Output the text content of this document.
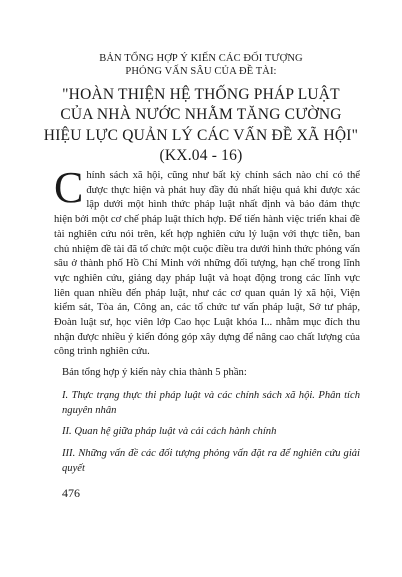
BẢN TỔNG HỢP Ý KIẾN CÁC ĐỐI TƯỢNG
PHỎNG VẤN SÂU CỦA ĐỀ TÀI:
"HOÀN THIỆN HỆ THỐNG PHÁP LUẬT
CỦA NHÀ NƯỚC NHẰM TĂNG CƯỜNG
HIỆU LỰC QUẢN LÝ CÁC VẤN ĐỀ XÃ HỘI"
(KX.04 - 16)
Chính sách xã hội, cũng như bất kỳ chính sách nào chỉ có thể được thực hiện và phát huy đầy đủ nhất hiệu quả khi được xác lập dưới một hình thức pháp luật nhất định và bảo đảm thực hiện bởi một cơ chế pháp luật thích hợp. Để tiến hành việc triển khai đề tài nghiên cứu nói trên, kết hợp nghiên cứu lý luận với thực tiễn, ban chủ nhiệm đề tài đã tổ chức một cuộc điều tra dưới hình thức phỏng vấn sâu ở thành phố Hồ Chí Minh với những đối tượng, hạn chế trong lĩnh vực nghiên cứu, giảng dạy pháp luật và hoạt động trong các lĩnh vực liên quan nhiều đến pháp luật, như các cơ quan quản lý xã hội, Viện kiểm sát, Tòa án, Công an, các tổ chức tư vấn pháp luật, Sở tư pháp, Đoàn luật sư, học viên lớp Cao học Luật khóa I... nhằm mục đích thu nhận được nhiều ý kiến đóng góp xây dựng để nâng cao chất lượng của công trình nghiên cứu.
Bản tổng hợp ý kiến này chia thành 5 phần:
I. Thực trạng thực thi pháp luật và các chính sách xã hội. Phân tích nguyên nhân
II. Quan hệ giữa pháp luật và cải cách hành chính
III. Những vấn đề các đối tượng phỏng vấn đặt ra để nghiên cứu giải quyết
476
